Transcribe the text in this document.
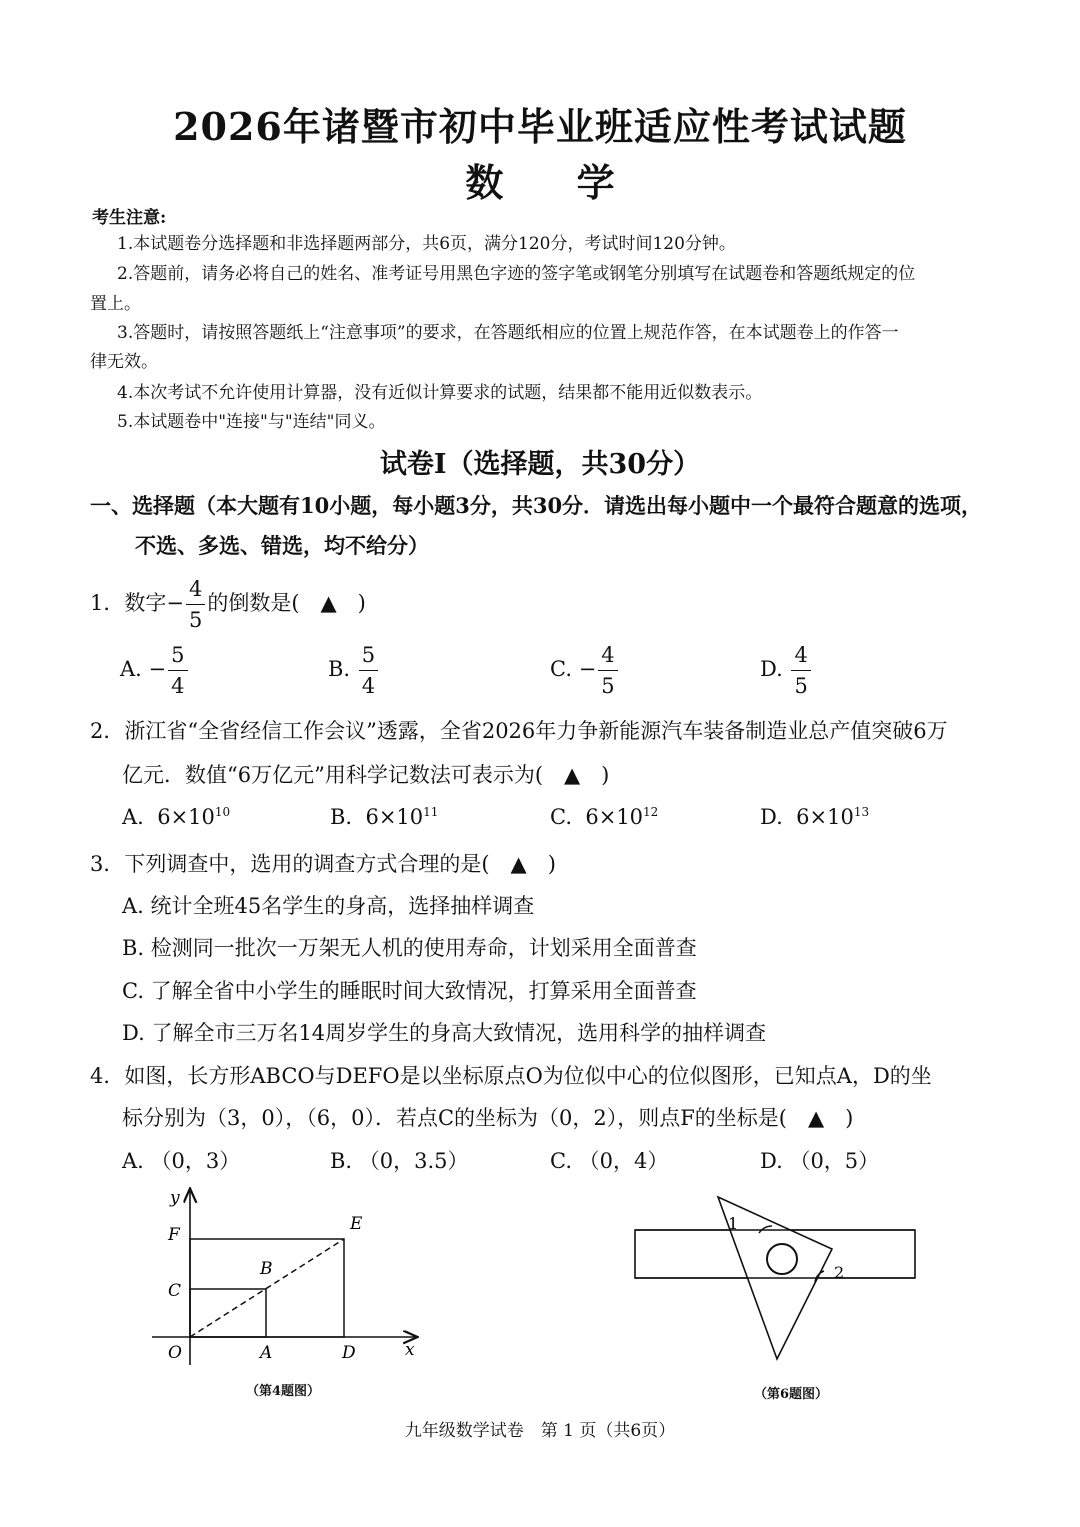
2026年诸暨市初中毕业班适应性考试试题
数 学
考生注意:
1.本试题卷分选择题和非选择题两部分，共6页，满分120分，考试时间120分钟。
2.答题前，请务必将自己的姓名、准考证号用黑色字迹的签字笔或钢笔分别填写在试题卷和答题纸规定的位
置上。
3.答题时，请按照答题纸上“注意事项”的要求，在答题纸相应的位置上规范作答，在本试题卷上的作答一
律无效。
4.本次考试不允许使用计算器，没有近似计算要求的试题，结果都不能用近似数表示。
5.本试题卷中"连接"与"连结"同义。
试卷Ⅰ（选择题，共30分）
一、选择题（本大题有10小题，每小题3分，共30分．请选出每小题中一个最符合题意的选项，
不选、多选、错选，均不给分）
1．数字− $\frac{4}{5}$ 的倒数是(　▲　)
A. − $\frac{5}{4}$	B. $\frac{5}{4}$	C. − $\frac{4}{5}$	D. $\frac{4}{5}$
2．浙江省“全省经信工作会议”透露，全省2026年力争新能源汽车装备制造业总产值突破6万
亿元．数值“6万亿元”用科学记数法可表示为(　▲　)
A. $6\times 10^{10}$	B. $6\times 10^{11}$	C. $6\times 10^{12}$	D. $6\times 10^{13}$
3．下列调查中，选用的调查方式合理的是(　▲　)
A. 统计全班45名学生的身高，选择抽样调查
B. 检测同一批次一万架无人机的使用寿命，计划采用全面普查
C. 了解全省中小学生的睡眠时间大致情况，打算采用全面普查
D. 了解全市三万名14周岁学生的身高大致情况，选用科学的抽样调查
4．如图，长方形ABCO与DEFO是以坐标原点O为位似中心的位似图形，已知点A，D的坐
标分别为（3，0），（6，0）．若点C的坐标为（0，2），则点F的坐标是(　▲　)
A. （0，3）	B. （0，3.5）	C. （0，4）	D. （0，5）
y
x
F
E
B
C
O	A	D
（第4题图）
1
2
（第6题图）
九年级数学试卷　第 1 页（共6页）
